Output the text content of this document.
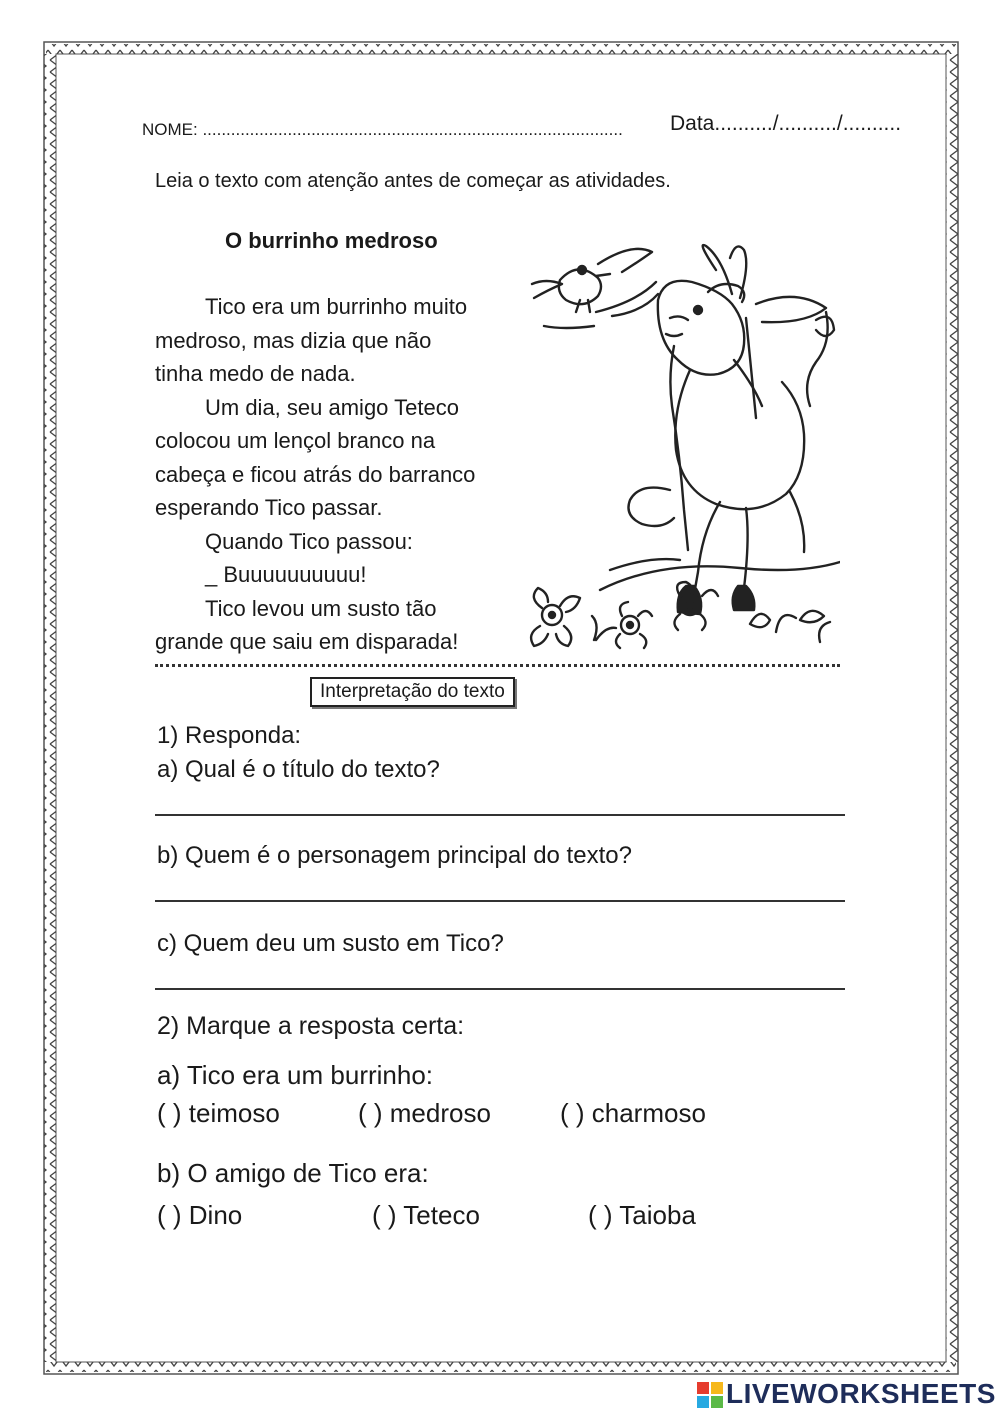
NOME: ......................................................................................... Data........../........../..........
Leia o texto com atenção antes de começar as atividades.
O burrinho medroso

Tico era um burrinho muito

medroso, mas dizia que não

tinha medo de nada.

Um dia, seu amigo Teteco

colocou um lençol branco na

cabeça e ficou atrás do barranco

esperando Tico passar.

Quando Tico passou:

_ Buuuuuuuuuu!

Tico levou um susto tão

grande que saiu em disparada!

Interpretação do texto
1) Responda:
a) Qual é o título do texto?
b) Quem é o personagem principal do texto?
c) Quem deu um susto em Tico?
2) Marque a resposta certa:
a) Tico era um burrinho:
( ) teimoso	( ) medroso	( ) charmoso
b) O amigo de Tico era:
( ) Dino	( ) Teteco	( ) Taioba
LIVEWORKSHEETS
